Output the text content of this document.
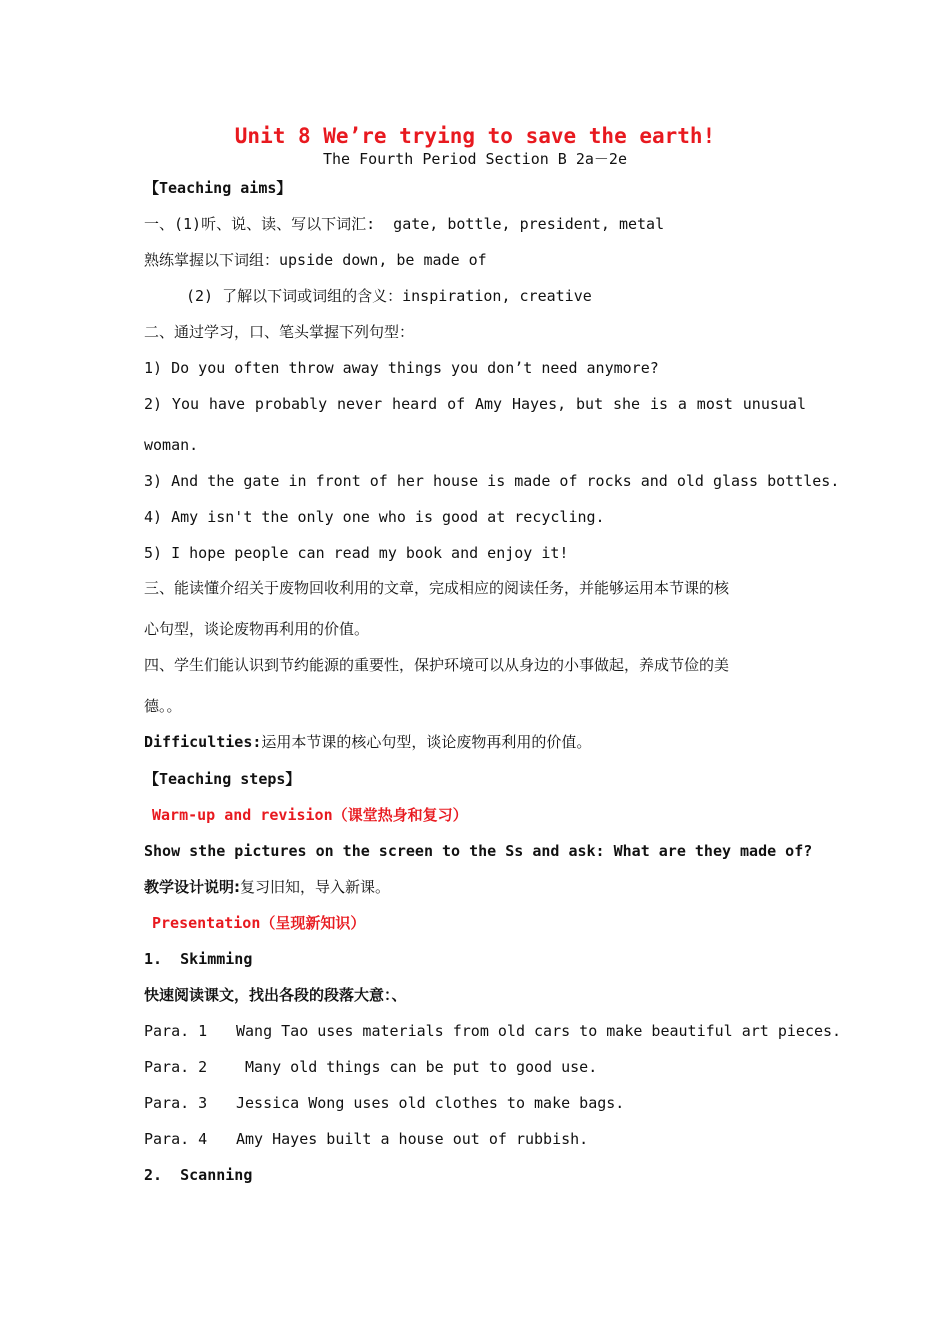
Unit 8 We’re trying to save the earth!
The Fourth Period Section B 2a－2e
【Teaching aims】
一、(1)听、说、读、写以下词汇:  gate, bottle, president, metal
熟练掌握以下词组：upside down, be made of
(2) 了解以下词或词组的含义：inspiration, creative
二、通过学习，口、笔头掌握下列句型：
1) Do you often throw away things you don’t need anymore?
2) You have probably never heard of Amy Hayes, but she is a most unusual
woman.
3) And the gate in front of her house is made of rocks and old glass bottles.
4) Amy isn't the only one who is good at recycling.
5) I hope people can read my book and enjoy it!
三、能读懂介绍关于废物回收利用的文章，完成相应的阅读任务，并能够运用本节课的核
心句型，谈论废物再利用的价值。
四、学生们能认识到节约能源的重要性，保护环境可以从身边的小事做起，养成节俭的美
德。。
Difficulties:运用本节课的核心句型，谈论废物再利用的价值。
【Teaching steps】
Warm-up and revision（课堂热身和复习）
Show sthe pictures on the screen to the Ss and ask: What are they made of?
教学设计说明:复习旧知，导入新课。
Presentation（呈现新知识）
1.  Skimming
快速阅读课文，找出各段的段落大意：、
Para. 1 Wang Tao uses materials from old cars to make beautiful art pieces.
Para. 2 Many old things can be put to good use.
Para. 3 Jessica Wong uses old clothes to make bags.
Para. 4 Amy Hayes built a house out of rubbish.
2.  Scanning
